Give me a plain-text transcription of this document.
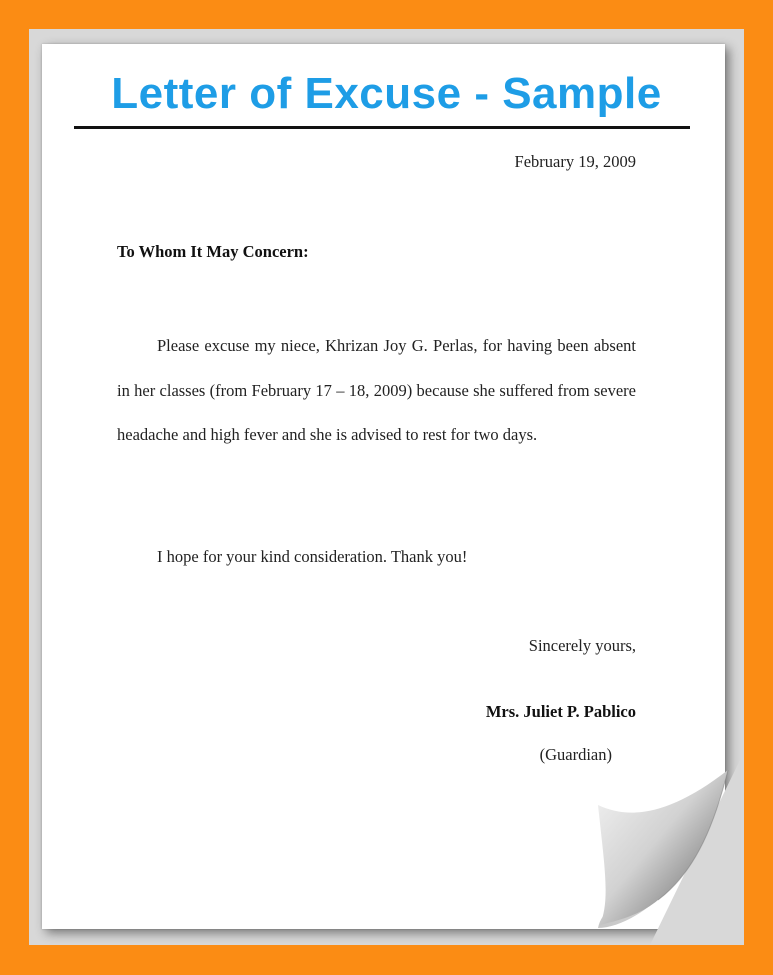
Letter of Excuse - Sample
February 19, 2009
To Whom It May Concern:
Please excuse my niece, Khrizan Joy G. Perlas, for having been absent in her classes (from February 17 – 18, 2009) because she suffered from severe headache and high fever and she is advised to rest for two days.
I hope for your kind consideration. Thank you!
Sincerely yours,
Mrs. Juliet P. Pablico
(Guardian)
